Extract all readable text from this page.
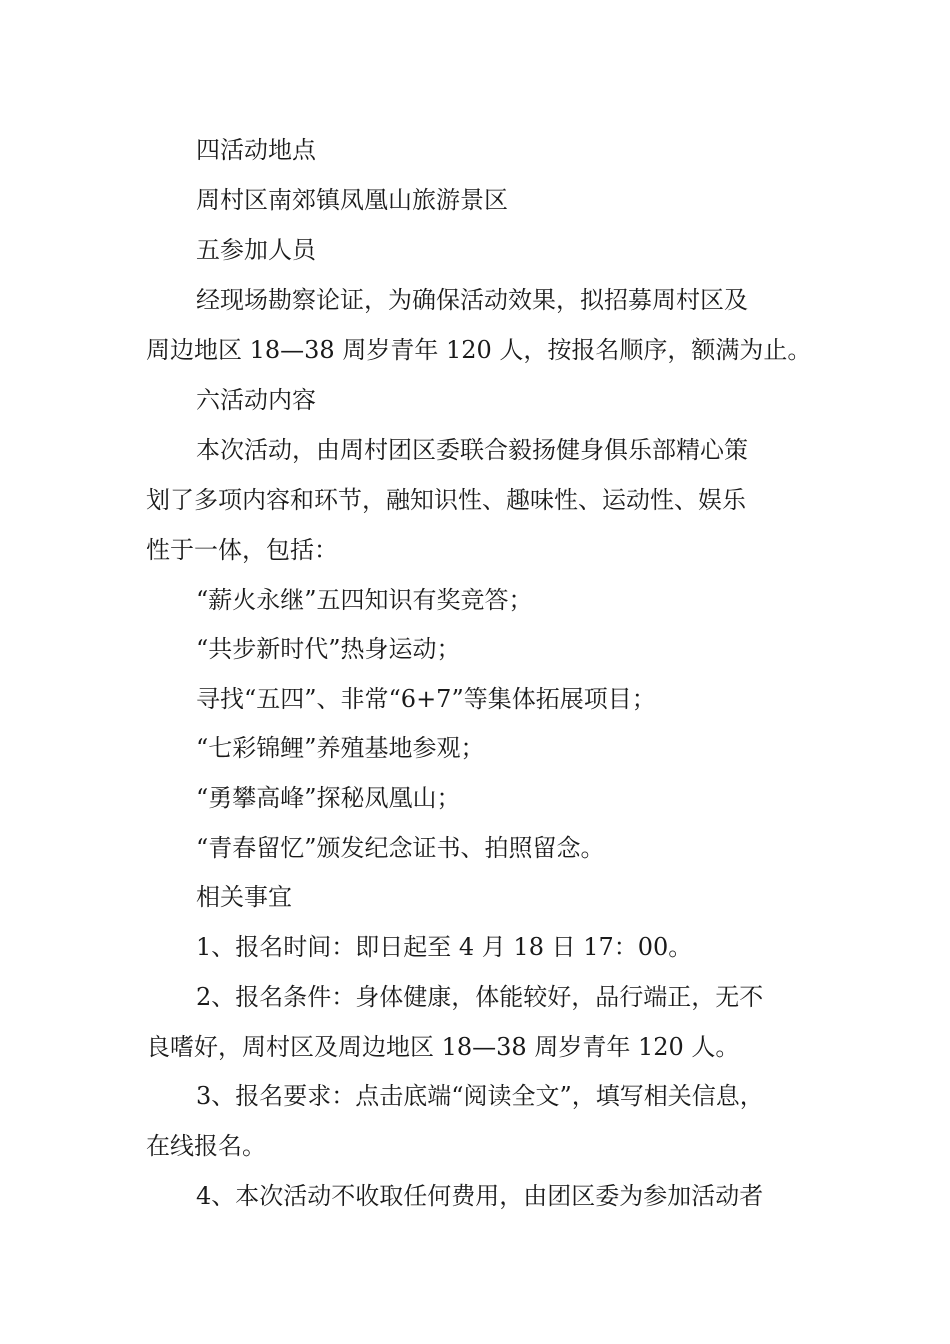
四活动地点

周村区南郊镇凤凰山旅游景区

五参加人员

经现场勘察论证，为确保活动效果，拟招募周村区及

周边地区 18—38 周岁青年 120 人，按报名顺序，额满为止。

六活动内容

本次活动，由周村团区委联合毅扬健身俱乐部精心策

划了多项内容和环节，融知识性、趣味性、运动性、娱乐

性于一体，包括：

“薪火永继”五四知识有奖竞答；

“共步新时代”热身运动；

寻找“五四”、非常“6+7”等集体拓展项目；

“七彩锦鲤”养殖基地参观；

“勇攀高峰”探秘凤凰山；

“青春留忆”颁发纪念证书、拍照留念。

相关事宜

1、报名时间：即日起至 4 月 18 日 17：00。

2、报名条件：身体健康，体能较好，品行端正，无不

良嗜好，周村区及周边地区 18—38 周岁青年 120 人。

3、报名要求：点击底端“阅读全文”，填写相关信息，

在线报名。

4、本次活动不收取任何费用，由团区委为参加活动者
